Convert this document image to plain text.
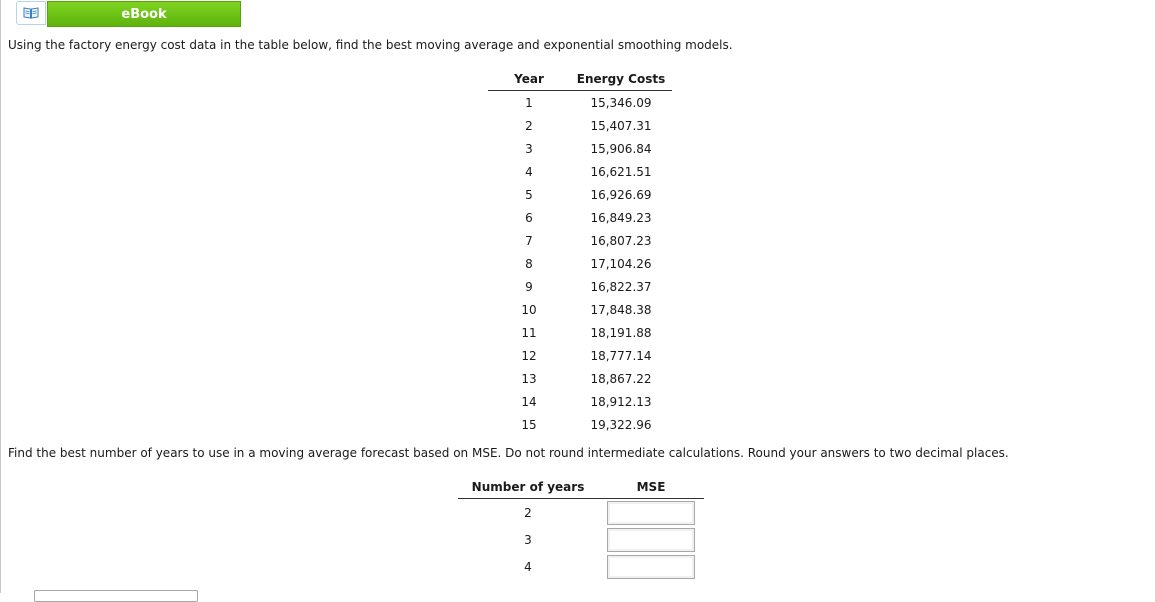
eBook
Using the factory energy cost data in the table below, find the best moving average and exponential smoothing models.
Year	Energy Costs
1	15,346.09
2	15,407.31
3	15,906.84
4	16,621.51
5	16,926.69
6	16,849.23
7	16,807.23
8	17,104.26
9	16,822.37
10	17,848.38
11	18,191.88
12	18,777.14
13	18,867.22
14	18,912.13
15	19,322.96
Find the best number of years to use in a moving average forecast based on MSE. Do not round intermediate calculations. Round your answers to two decimal places.
Number of years	MSE
2	
3	
4	
